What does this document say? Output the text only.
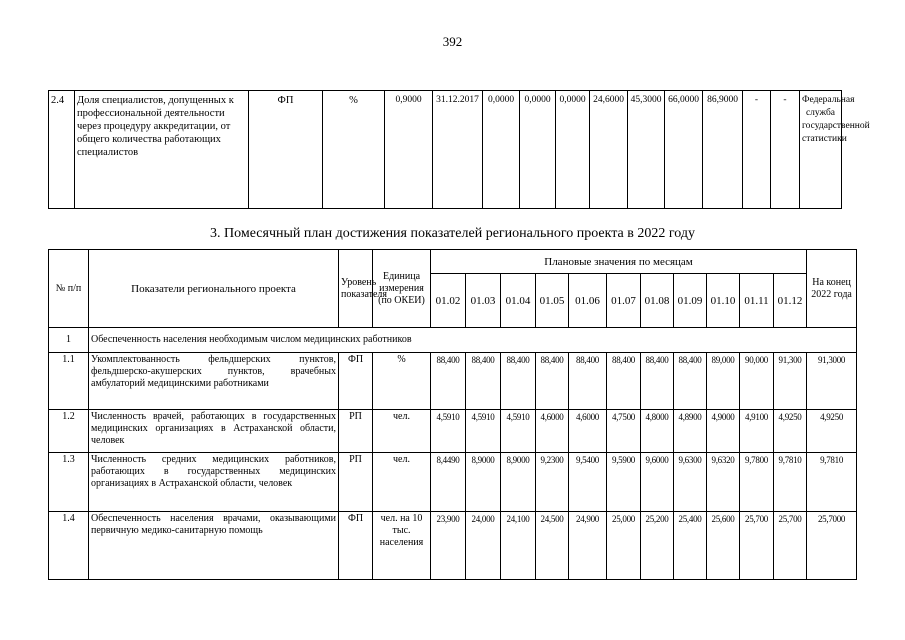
392
2.4	Доля специалистов, допущенных к профессиональной деятельности через процедуру аккредитации, от общего количества работающих специалистов	ФП	%	0,9000	31.12.2017	0,0000	0,0000	0,0000	24,6000	45,3000	66,0000	86,9000	-	-	Федеральная служба государственной статистики
3. Помесячный план достижения показателей регионального проекта в 2022 году
№ п/п	Показатели регионального проекта	Уровень показателя	Единица измерения (по ОКЕИ)	Плановые значения по месяцам											На конец 2022 года
				01.02	01.03	01.04	01.05	01.06	01.07	01.08	01.09	01.10	01.11	01.12	
1	Обеспеченность населения необходимым числом медицинских работников														
1.1	Укомплектованность фельдшерских пунктов, фельдшерско-акушерских пунктов, врачебных амбулаторий медицинскими работниками	ФП	%	88,400	88,400	88,400	88,400	88,400	88,400	88,400	88,400	89,000	90,000	91,300	91,3000
1.2	Численность врачей, работающих в государственных медицинских организациях в Астраханской области, человек	РП	чел.	4,5910	4,5910	4,5910	4,6000	4,6000	4,7500	4,8000	4,8900	4,9000	4,9100	4,9250	4,9250
1.3	Численность средних медицинских работников, работающих в государственных медицинских организациях в Астраханской области, человек	РП	чел.	8,4490	8,9000	8,9000	9,2300	9,5400	9,5900	9,6000	9,6300	9,6320	9,7800	9,7810	9,7810
1.4	Обеспеченность населения врачами, оказывающими первичную медико-санитарную помощь	ФП	чел. на 10 тыс. населения	23,900	24,000	24,100	24,500	24,900	25,000	25,200	25,400	25,600	25,700	25,700	25,7000
